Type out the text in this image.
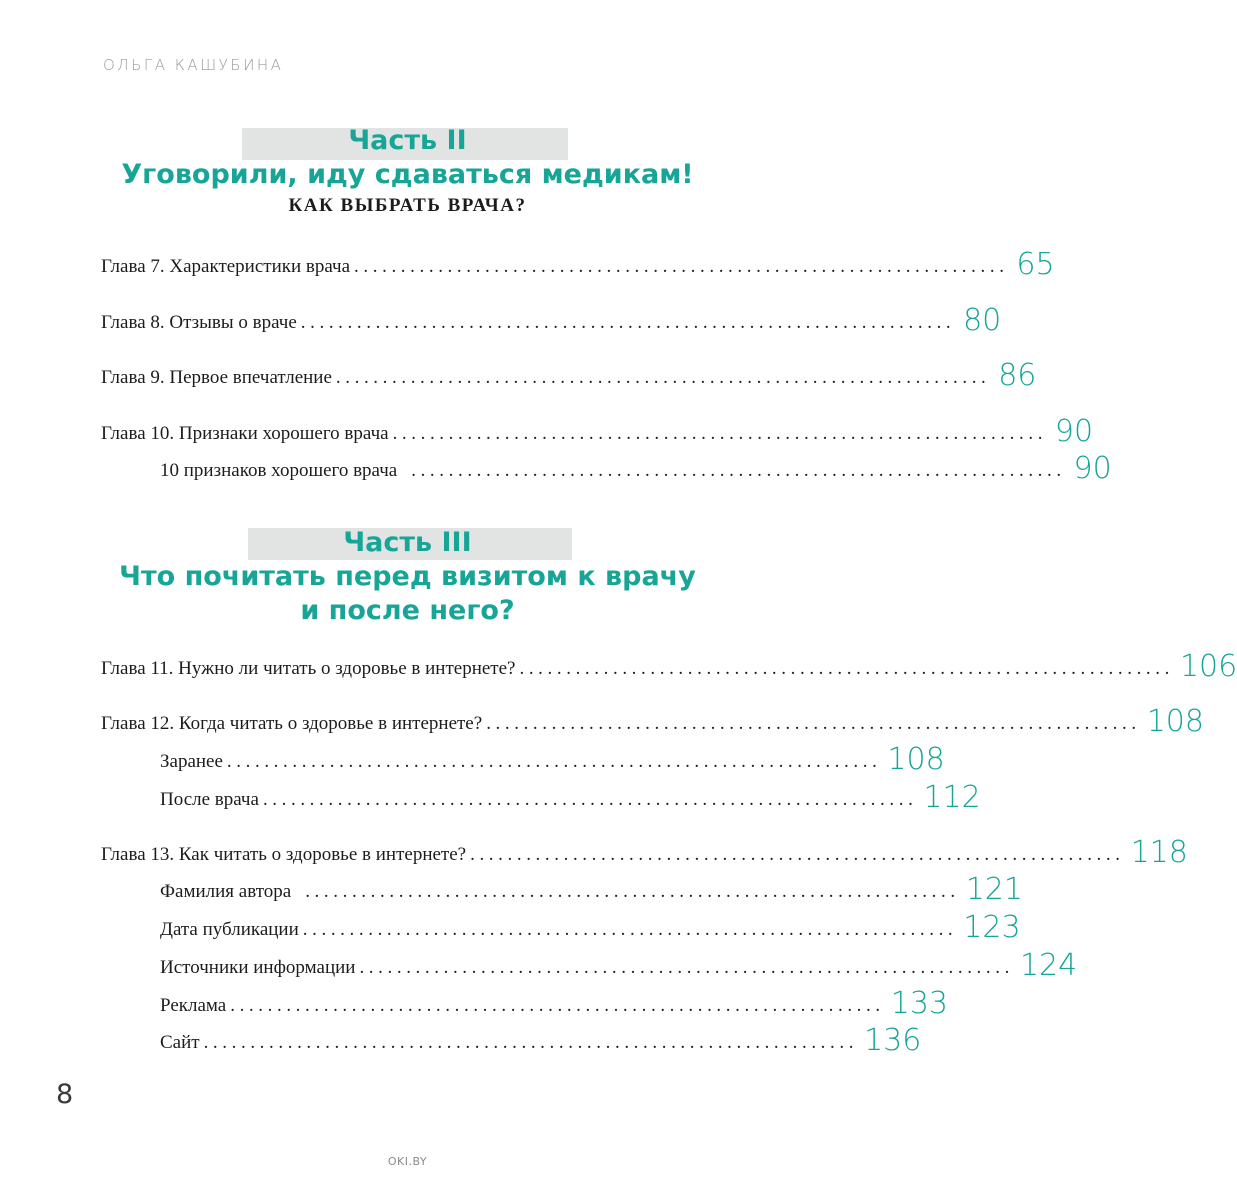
ОЛЬГА КАШУБИНА
Часть II
Уговорили, иду сдаваться медикам!
КАК ВЫБРАТЬ ВРАЧА?
Глава 7. Характеристики врача ...................................................................... 65
Глава 8. Отзывы о враче ...................................................................... 80
Глава 9. Первое впечатление ...................................................................... 86
Глава 10. Признаки хорошего врача ...................................................................... 90
10 признаков хорошего врача ...................................................................... 90
Часть III
Что почитать перед визитом к врачу
и после него?
Глава 11. Нужно ли читать о здоровье в интернете? ...................................................................... 106
Глава 12. Когда читать о здоровье в интернете? ...................................................................... 108
Заранее ...................................................................... 108
После врача ...................................................................... 112
Глава 13. Как читать о здоровье в интернете? ...................................................................... 118
Фамилия автора ...................................................................... 121
Дата публикации ...................................................................... 123
Источники информации ...................................................................... 124
Реклама ...................................................................... 133
Сайт ...................................................................... 136
8
OKI.BY
